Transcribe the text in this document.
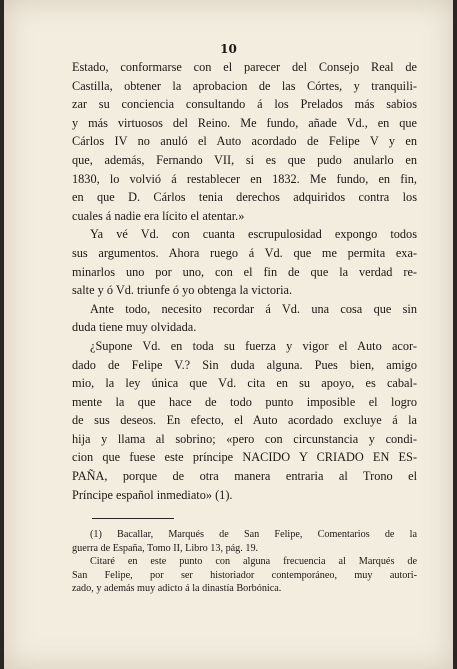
10
Estado, conformarse con el parecer del Consejo Real de
Castilla, obtener la aprobacion de las Córtes, y tranquili-
zar su conciencia consultando á los Prelados más sabios
y más virtuosos del Reino. Me fundo, añade Vd., en que
Cárlos IV no anuló el Auto acordado de Felipe V y en
que, además, Fernando VII, si es que pudo anularlo en
1830, lo volvió á restablecer en 1832. Me fundo, en fin,
en que D. Cárlos tenia derechos adquiridos contra los
cuales á nadie era lícito el atentar.»
Ya vé Vd. con cuanta escrupulosidad expongo todos
sus argumentos. Ahora ruego á Vd. que me permita exa-
minarlos uno por uno, con el fin de que la verdad re-
salte y ó Vd. triunfe ó yo obtenga la victoria.
Ante todo, necesito recordar á Vd. una cosa que sin
duda tiene muy olvidada.
¿Supone Vd. en toda su fuerza y vigor el Auto acor-
dado de Felipe V.? Sin duda alguna. Pues bien, amigo
mio, la ley única que Vd. cita en su apoyo, es cabal-
mente la que hace de todo punto imposible el logro
de sus deseos. En efecto, el Auto acordado excluye á la
hija y llama al sobrino; «pero con circunstancia y condi-
cion que fuese este príncipe NACIDO Y CRIADO EN ES-
PAÑA, porque de otra manera entraria al Trono el
Príncipe español inmediato» (1).
(1) Bacallar, Marqués de San Felipe, Comentarios de la
guerra de España, Tomo II, Libro 13, pág. 19.
Citaré en este punto con alguna frecuencia al Marqués de
San Felipe, por ser historiador contemporáneo, muy autori-
zado, y además muy adicto á la dinastía Borbónica.
